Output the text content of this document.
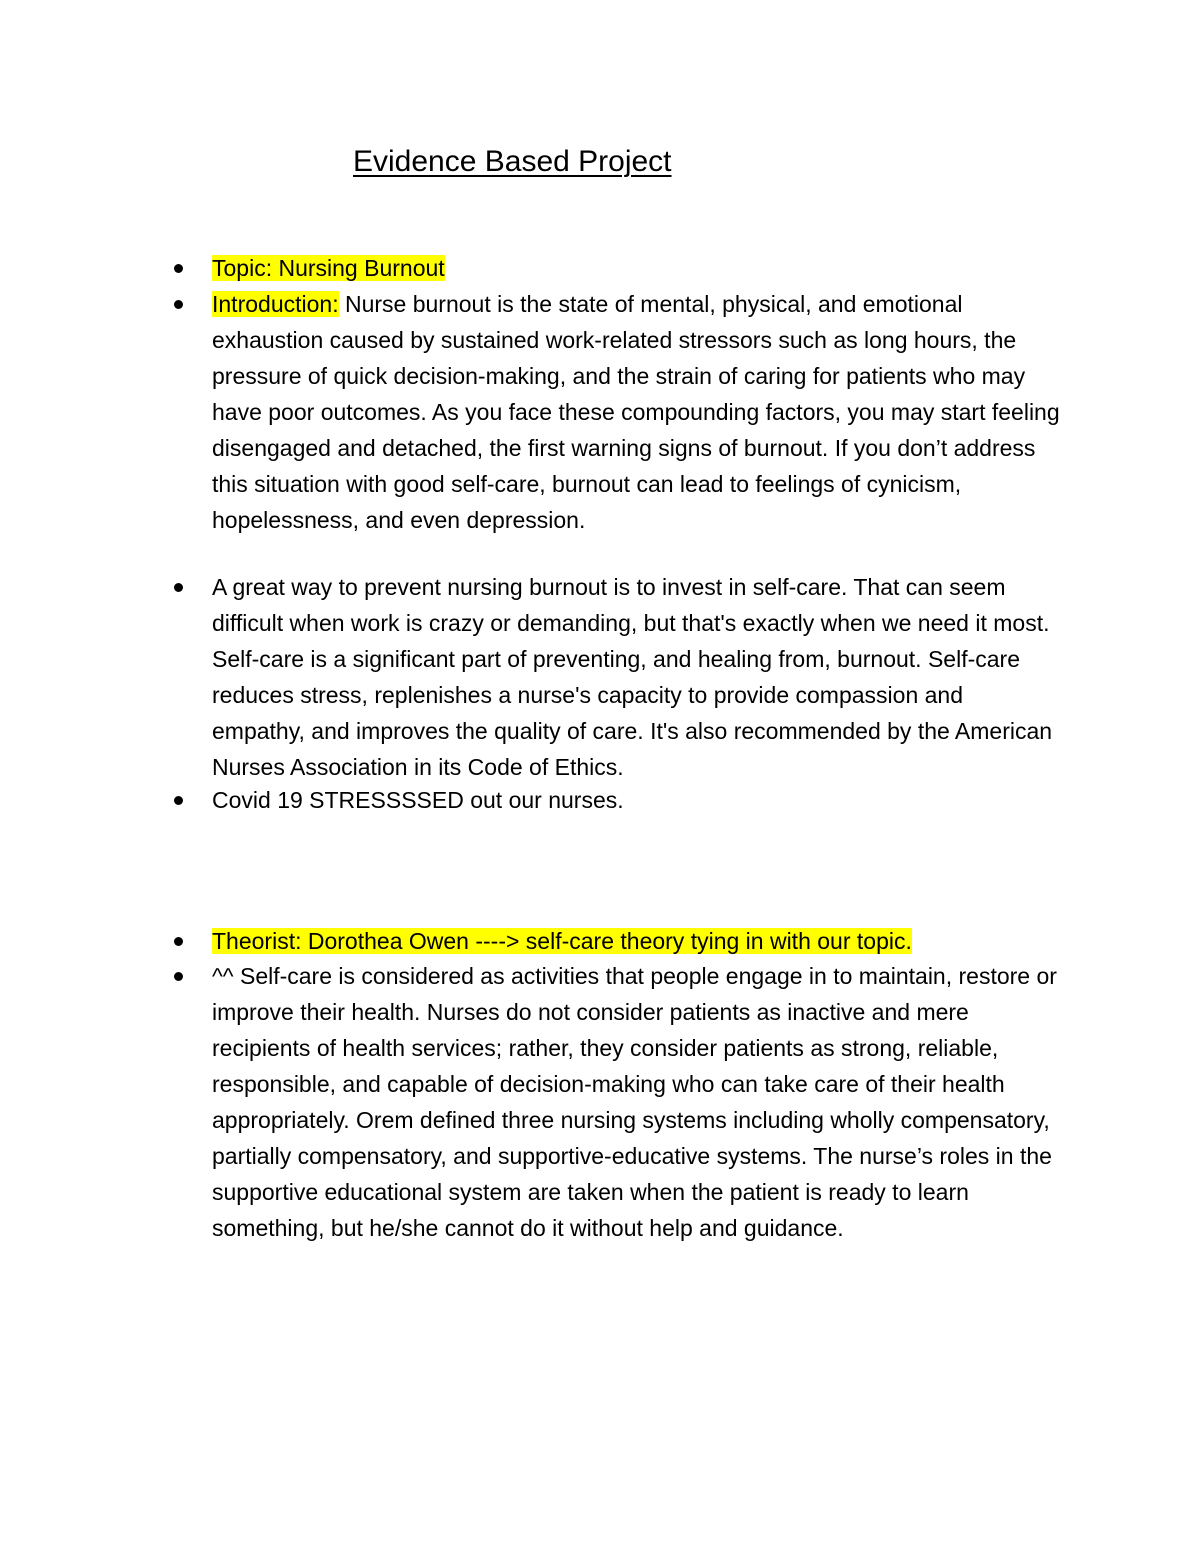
Evidence Based Project
Topic: Nursing Burnout
Introduction: Nurse burnout is the state of mental, physical, and emotional exhaustion caused by sustained work-related stressors such as long hours, the pressure of quick decision-making, and the strain of caring for patients who may have poor outcomes. As you face these compounding factors, you may start feeling disengaged and detached, the first warning signs of burnout. If you don’t address this situation with good self-care, burnout can lead to feelings of cynicism, hopelessness, and even depression.
A great way to prevent nursing burnout is to invest in self-care. That can seem difficult when work is crazy or demanding, but that's exactly when we need it most. Self-care is a significant part of preventing, and healing from, burnout. Self-care reduces stress, replenishes a nurse's capacity to provide compassion and empathy, and improves the quality of care. It's also recommended by the American Nurses Association in its Code of Ethics.
Covid 19 STRESSSSED out our nurses.
Theorist: Dorothea Owen ----> self-care theory tying in with our topic.
^^ Self-care is considered as activities that people engage in to maintain, restore or improve their health. Nurses do not consider patients as inactive and mere recipients of health services; rather, they consider patients as strong, reliable, responsible, and capable of decision-making who can take care of their health appropriately. Orem defined three nursing systems including wholly compensatory, partially compensatory, and supportive-educative systems. The nurse’s roles in the supportive educational system are taken when the patient is ready to learn something, but he/she cannot do it without help and guidance.
